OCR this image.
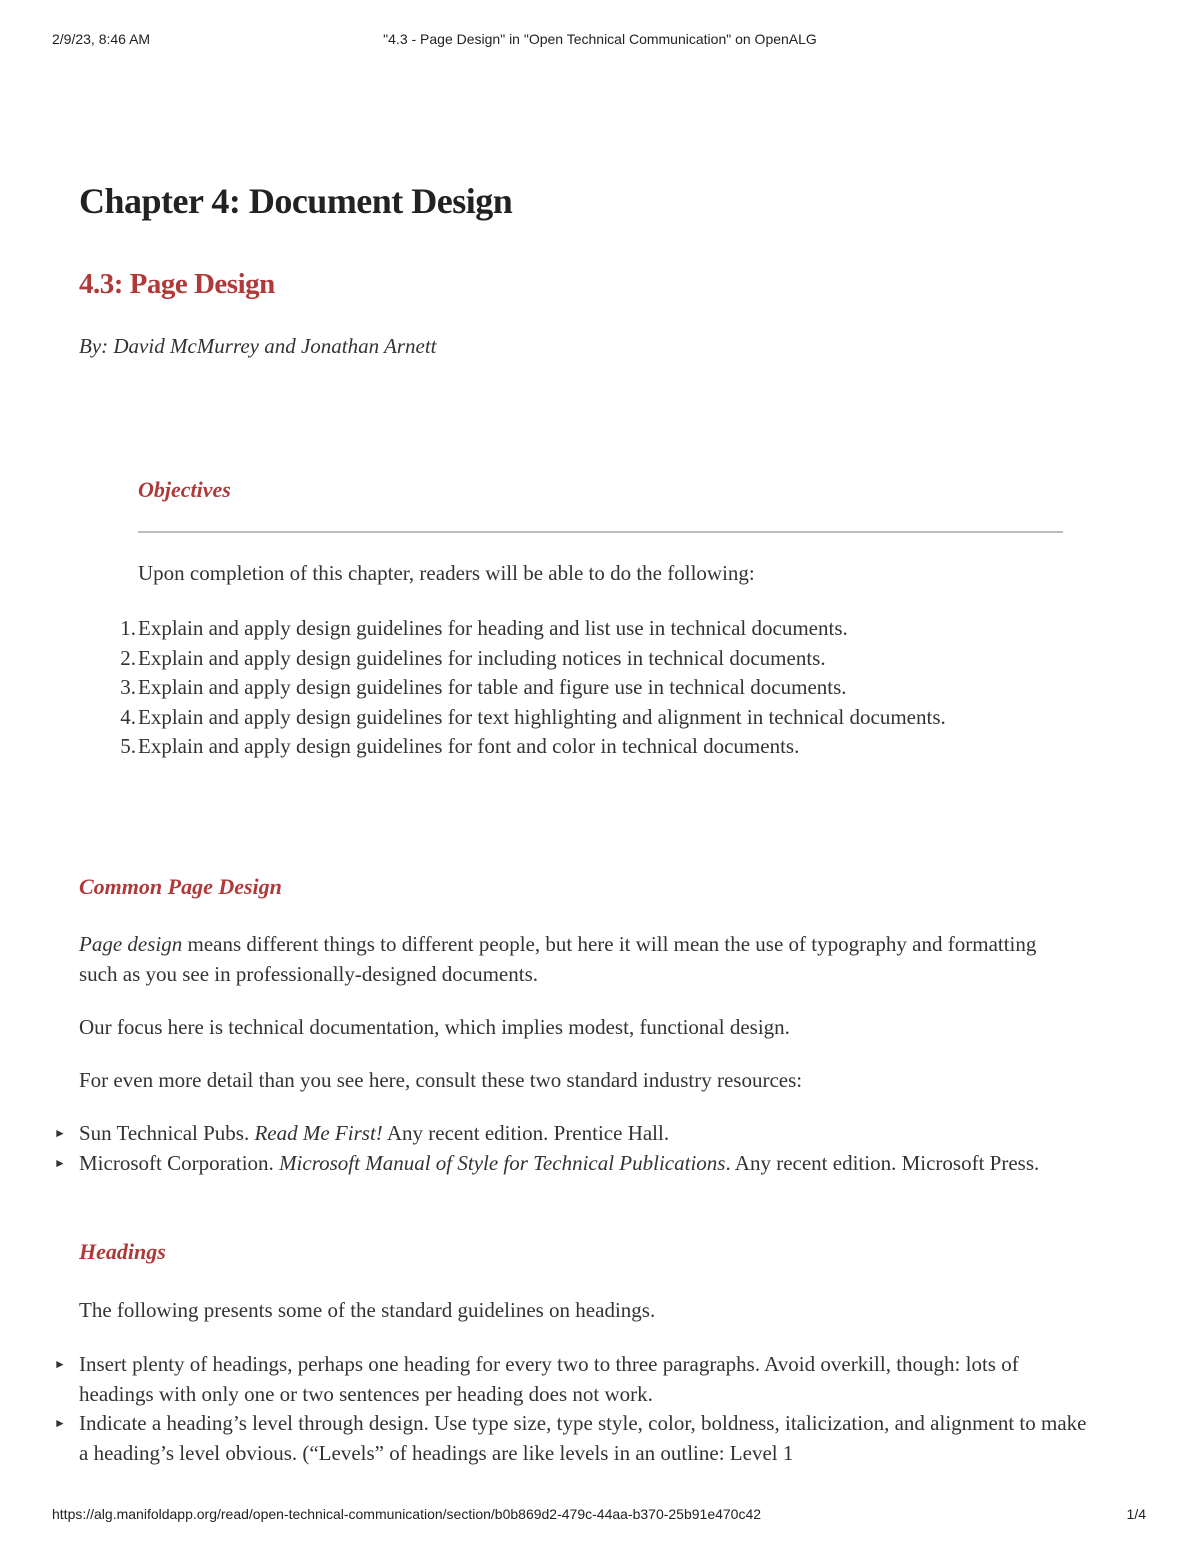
2/9/23, 8:46 AM	"4.3 - Page Design" in "Open Technical Communication" on OpenALG
Chapter 4: Document Design
4.3: Page Design

By: David McMurrey and Jonathan Arnett

Objectives

Upon completion of this chapter, readers will be able to do the following:

1. Explain and apply design guidelines for heading and list use in technical documents.
2. Explain and apply design guidelines for including notices in technical documents.
3. Explain and apply design guidelines for table and figure use in technical documents.
4. Explain and apply design guidelines for text highlighting and alignment in technical documents.
5. Explain and apply design guidelines for font and color in technical documents.
Common Page Design

Page design means different things to different people, but here it will mean the use of typography and formatting such as you see in professionally-designed documents.

Our focus here is technical documentation, which implies modest, functional design.

For even more detail than you see here, consult these two standard industry resources:

► Sun Technical Pubs. Read Me First! Any recent edition. Prentice Hall.
► Microsoft Corporation. Microsoft Manual of Style for Technical Publications. Any recent edition. Microsoft Press.
Headings

The following presents some of the standard guidelines on headings.

► Insert plenty of headings, perhaps one heading for every two to three paragraphs. Avoid overkill, though: lots of headings with only one or two sentences per heading does not work.
► Indicate a heading’s level through design. Use type size, type style, color, boldness, italicization, and alignment to make a heading’s level obvious. (“Levels” of headings are like levels in an outline: Level 1
https://alg.manifoldapp.org/read/open-technical-communication/section/b0b869d2-479c-44aa-b370-25b91e470c42	1/4
